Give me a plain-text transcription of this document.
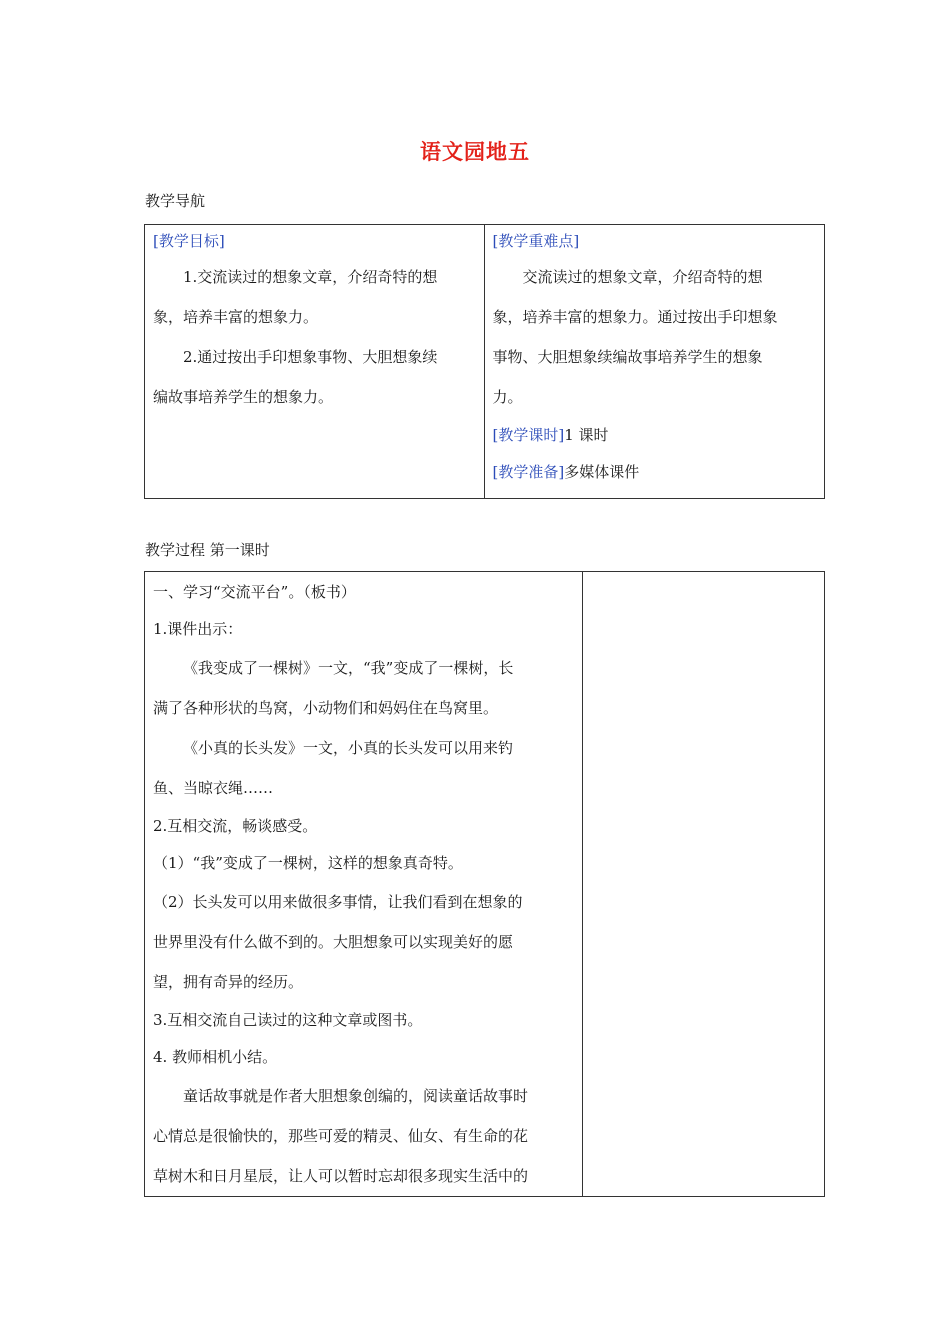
语文园地五
教学导航
[教学目标]
1.交流读过的想象文章，介绍奇特的想
象，培养丰富的想象力。
2.通过按出手印想象事物、大胆想象续
编故事培养学生的想象力。

[教学重难点]
交流读过的想象文章，介绍奇特的想
象，培养丰富的想象力。通过按出手印想象
事物、大胆想象续编故事培养学生的想象
力。
[教学课时]1 课时
[教学准备]多媒体课件
教学过程 第一课时
一、学习“交流平台”。（板书）
1.课件出示：
《我变成了一棵树》一文，“我”变成了一棵树，长
满了各种形状的鸟窝，小动物们和妈妈住在鸟窝里。
《小真的长头发》一文，小真的长头发可以用来钓
鱼、当晾衣绳……
2.互相交流，畅谈感受。
（1）“我”变成了一棵树，这样的想象真奇特。
（2）长头发可以用来做很多事情，让我们看到在想象的
世界里没有什么做不到的。大胆想象可以实现美好的愿
望，拥有奇异的经历。
3.互相交流自己读过的这种文章或图书。
4. 教师相机小结。
童话故事就是作者大胆想象创编的，阅读童话故事时
心情总是很愉快的，那些可爱的精灵、仙女、有生命的花
草树木和日月星辰，让人可以暂时忘却很多现实生活中的
